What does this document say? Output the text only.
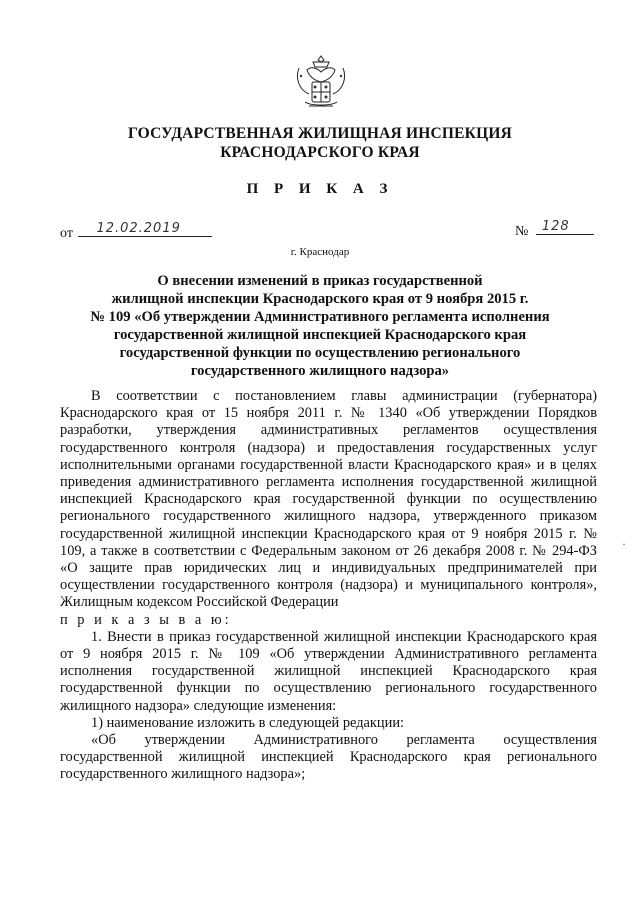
ГОСУДАРСТВЕННАЯ ЖИЛИЩНАЯ ИНСПЕКЦИЯ
КРАСНОДАРСКОГО КРАЯ
П Р И К А З
от 12.02.2019	№ 128
г. Краснодар
О внесении изменений в приказ государственной
жилищной инспекции Краснодарского края от 9 ноября 2015 г.
№ 109 «Об утверждении Административного регламента исполнения
государственной жилищной инспекцией Краснодарского края
государственной функции по осуществлению регионального
государственного жилищного надзора»

В соответствии с постановлением главы администрации (губернатора) Краснодарского края от 15 ноября 2011 г. № 1340 «Об утверждении Порядков разработки, утверждения административных регламентов осуществления государственного контроля (надзора) и предоставления государственных услуг исполнительными органами государственной власти Краснодарского края» и в целях приведения административного регламента исполнения государственной жилищной инспекцией Краснодарского края государственной функции по осуществлению регионального государственного жилищного надзора, утвержденного приказом государственной жилищной инспекции Краснодарского края от 9 ноября 2015 г. № 109, а также в соответствии с Федеральным законом от 26 декабря 2008 г. № 294-ФЗ «О защите прав юридических лиц и индивидуальных предпринимателей при осуществлении государственного контроля (надзора) и муниципального контроля», Жилищным кодексом Российской Федерации

п р и к а з ы в а ю:

1. Внести в приказ государственной жилищной инспекции Краснодарского края от 9 ноября 2015 г. № 109 «Об утверждении Административного регламента исполнения государственной жилищной инспекцией Краснодарского края государственной функции по осуществлению регионального государственного жилищного надзора» следующие изменения:

1) наименование изложить в следующей редакции:

«Об утверждении Административного регламента осуществления государственной жилищной инспекцией Краснодарского края регионального государственного жилищного надзора»;

·
